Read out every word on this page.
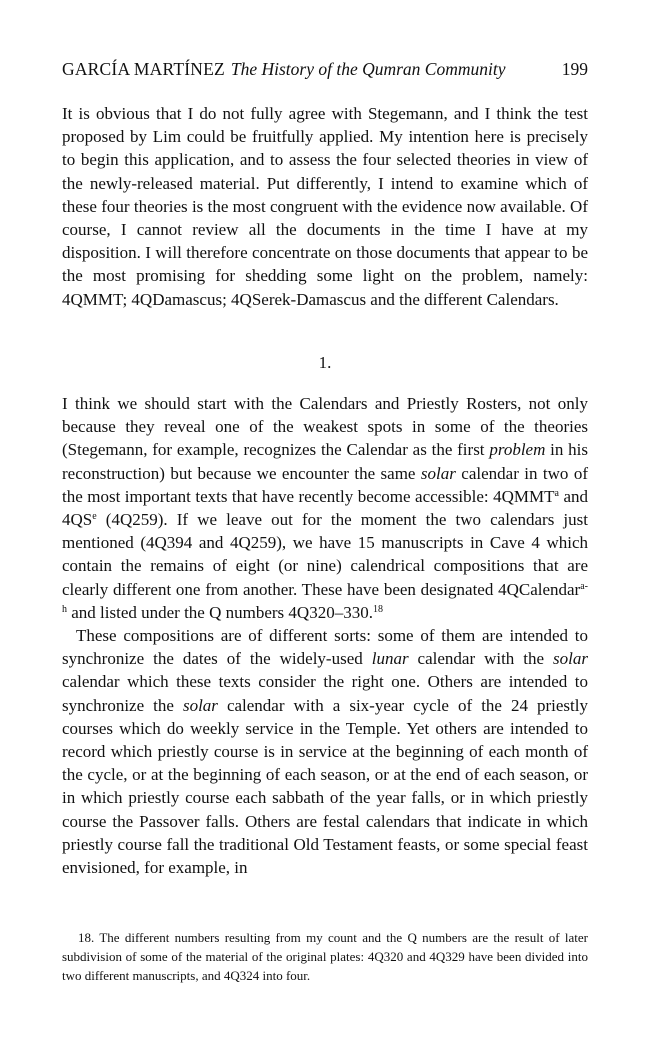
GARCÍA MARTÍNEZ The History of the Qumran Community	199

It is obvious that I do not fully agree with Stegemann, and I think the test proposed by Lim could be fruitfully applied. My intention here is precisely to begin this application, and to assess the four selected theories in view of the newly-released material. Put differently, I intend to examine which of these four theories is the most congruent with the evidence now available. Of course, I cannot review all the documents in the time I have at my disposition. I will therefore concentrate on those documents that appear to be the most promising for shedding some light on the problem, namely: 4QMMT; 4QDamascus; 4QSerek-Damascus and the different Calendars.

1.

I think we should start with the Calendars and Priestly Rosters, not only because they reveal one of the weakest spots in some of the theories (Stegemann, for example, recognizes the Calendar as the first problem in his reconstruction) but because we encounter the same solar calendar in two of the most important texts that have recently become accessible: 4QMMT$^a$ and $4QS^e$ (4Q259). If we leave out for the moment the two calendars just mentioned (4Q394 and 4Q259), we have 15 manuscripts in Cave 4 which contain the remains of eight (or nine) calendrical compositions that are clearly different one from another. These have been designated 4QCalendar$^{a-h}$ and listed under the Q numbers 4Q320–330.18

These compositions are of different sorts: some of them are intended to synchronize the dates of the widely-used lunar calendar with the solar calendar which these texts consider the right one. Others are intended to synchronize the solar calendar with a six-year cycle of the 24 priestly courses which do weekly service in the Temple. Yet others are intended to record which priestly course is in service at the beginning of each month of the cycle, or at the beginning of each season, or at the end of each season, or in which priestly course each sabbath of the year falls, or in which priestly course the Passover falls. Others are festal calendars that indicate in which priestly course fall the traditional Old Testament feasts, or some special feast envisioned, for example, in

18. The different numbers resulting from my count and the Q numbers are the result of later subdivision of some of the material of the original plates: 4Q320 and 4Q329 have been divided into two different manuscripts, and 4Q324 into four.
